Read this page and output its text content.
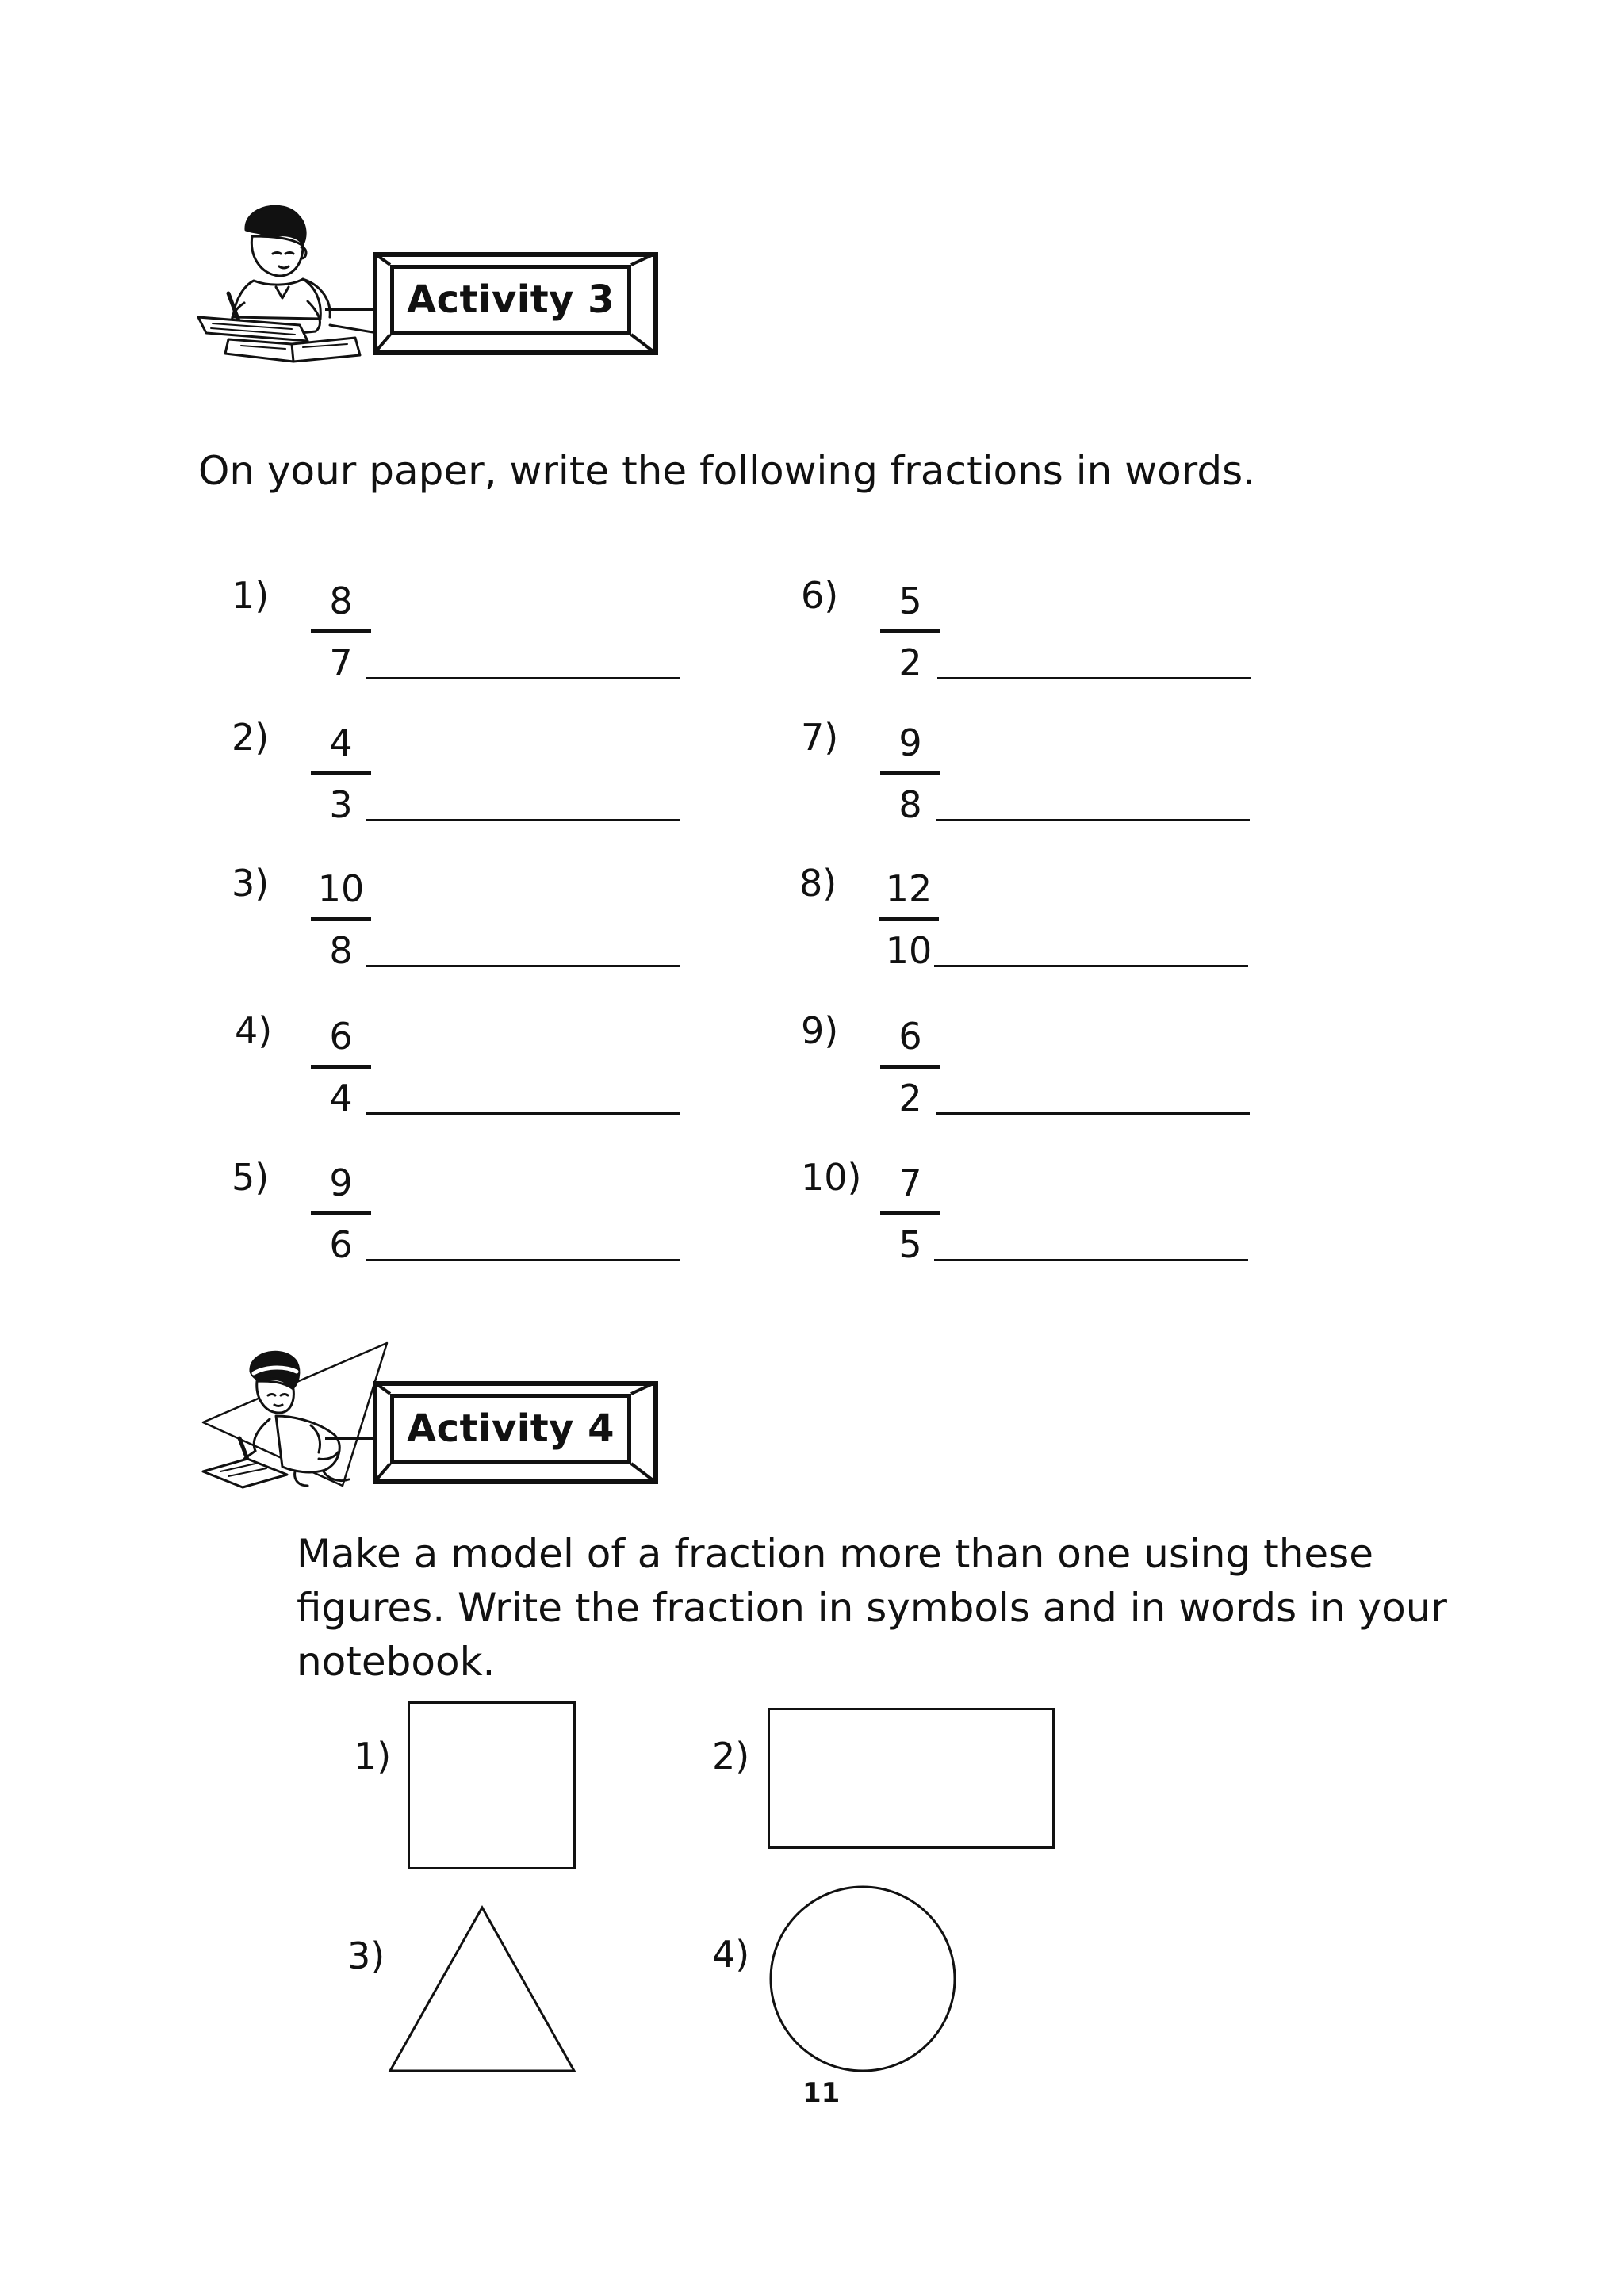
Activity 3
On your paper, write the following fractions in words.
1)	8
7
2)	4
3
3) 10
8
4)	6
4
5)	9
6
6)	5
2
7)	9
8
8) 12
10
9)	6
2
10)	7
5
Activity 4
Make a model of a fraction more than one using these
figures. Write the fraction in symbols and in words in your
notebook.
1)	2)
3)	4)
11
